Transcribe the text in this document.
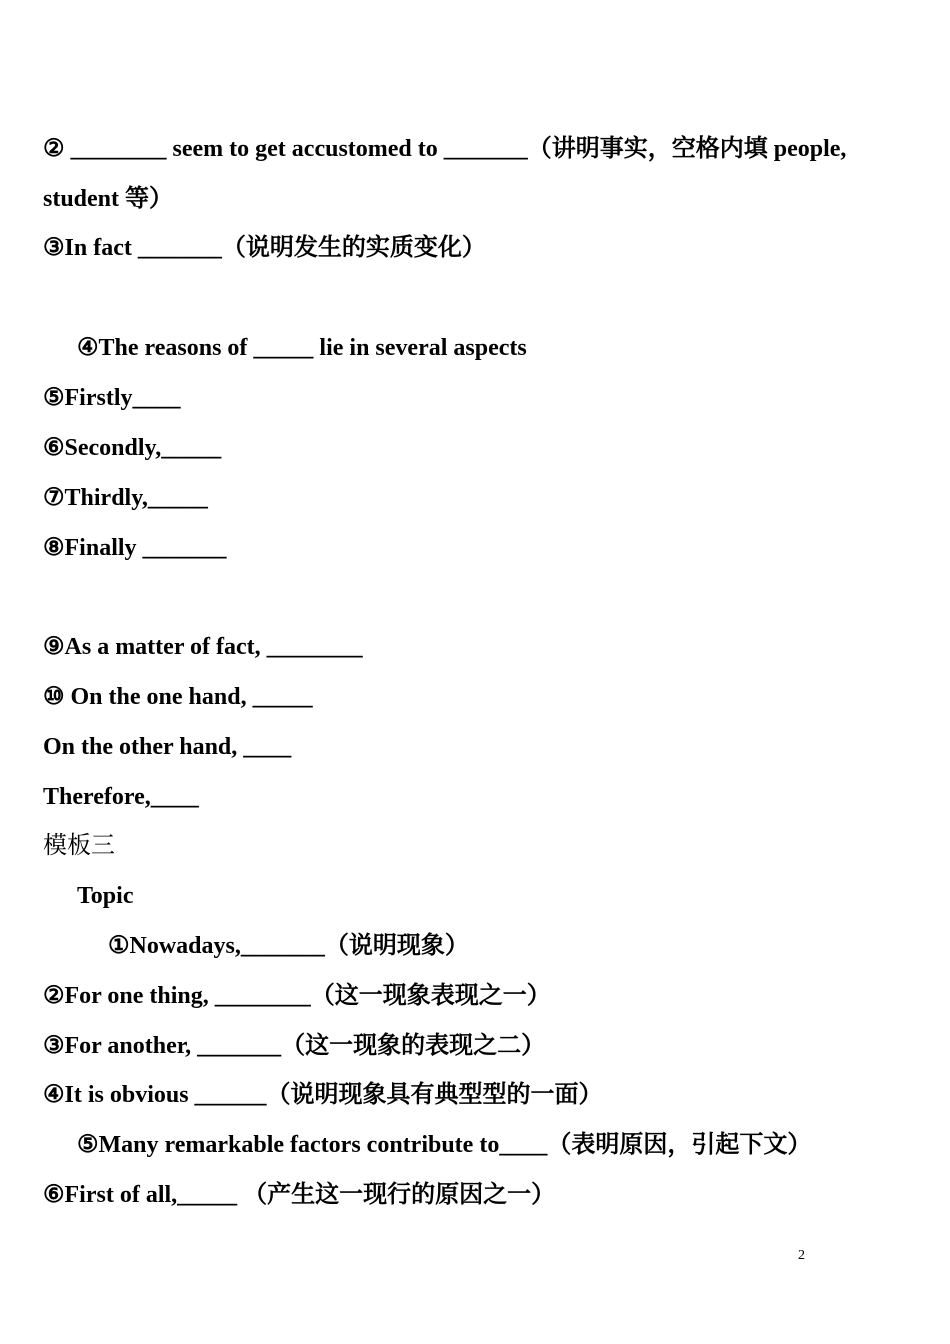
② ________ seem to get accustomed to _______（讲明事实，空格内填 people,
student 等）
③In fact _______（说明发生的实质变化）
④The reasons of _____ lie in several aspects
⑤Firstly____
⑥Secondly,_____
⑦Thirdly,_____
⑧Finally _______
⑨As a matter of fact, ________
⑩ On the one hand, _____
On the other hand, ____
Therefore,____
模板三
Topic
①Nowadays,_______（说明现象）
②For one thing, ________（这一现象表现之一）
③For another, _______（这一现象的表现之二）
④It is obvious ______（说明现象具有典型型的一面）
⑤Many remarkable factors contribute to____（表明原因，引起下文）
⑥First of all,_____ （产生这一现行的原因之一）
2
